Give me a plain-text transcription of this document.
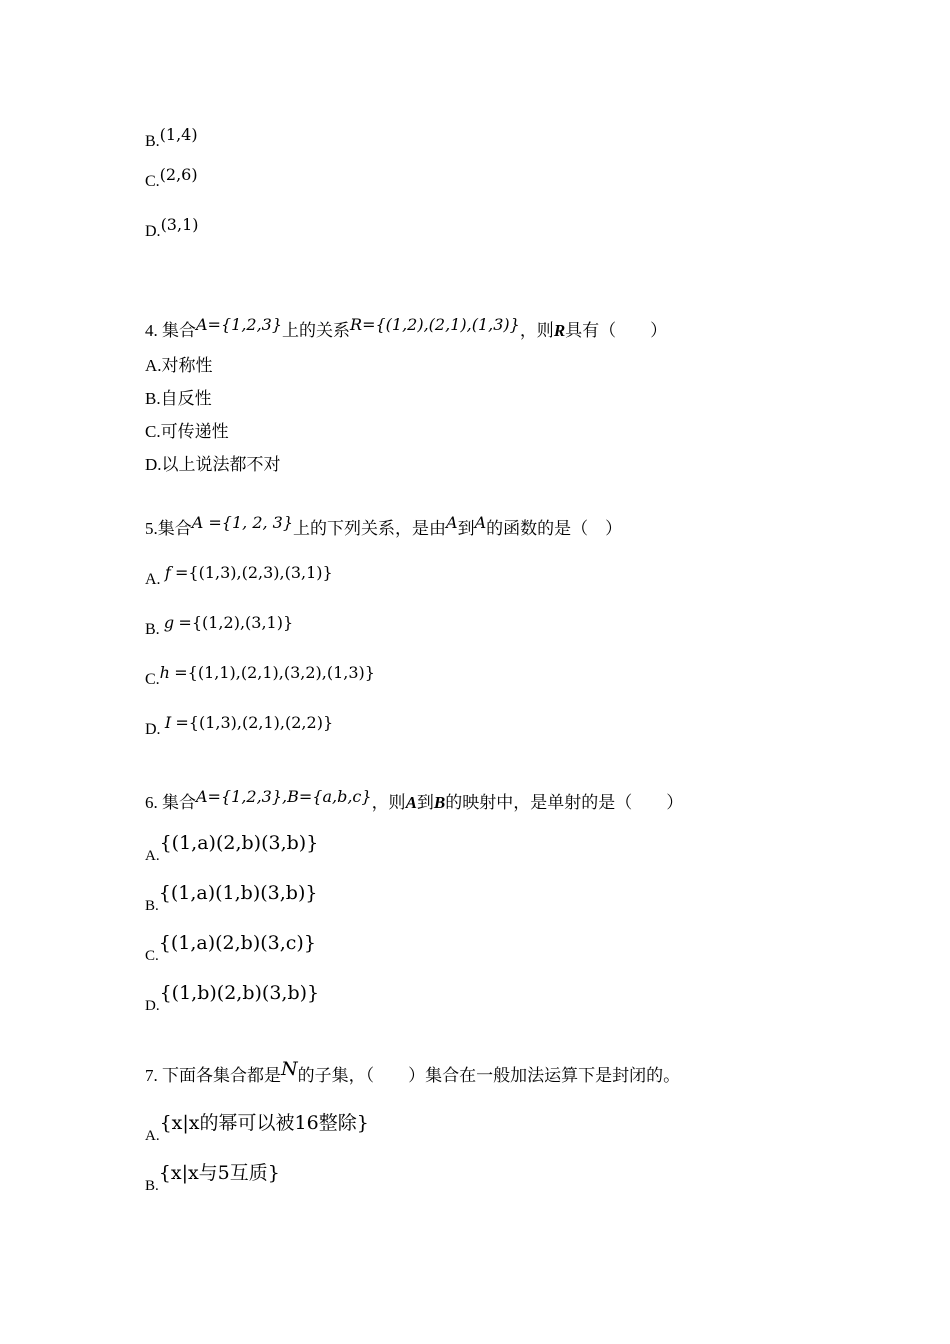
B.(1,4)
C.(2,6)
D.(3,1)
4. 集合A={1,2,3}上的关系R={(1,2),(2,1),(1,3)}，则R具有（　　）
A.对称性
B.自反性
C.可传递性
D.以上说法都不对
5.集合A ={1, 2, 3}上的下列关系，是由A到A的函数的是（　）
A. f ={(1,3),(2,3),(3,1)}
B. g ={(1,2),(3,1)}
C.h ={(1,1),(2,1),(3,2),(1,3)}
D. I ={(1,3),(2,1),(2,2)}
6. 集合A={1,2,3},B={a,b,c}，则A到B的映射中，是单射的是（　　）
A.{(1,a)(2,b)(3,b)}
B.{(1,a)(1,b)(3,b)}
C.{(1,a)(2,b)(3,c)}
D.{(1,b)(2,b)(3,b)}
7. 下面各集合都是N的子集，（　　）集合在一般加法运算下是封闭的。
A.{x|x的幂可以被16整除}
B.{x|x与5互质}
